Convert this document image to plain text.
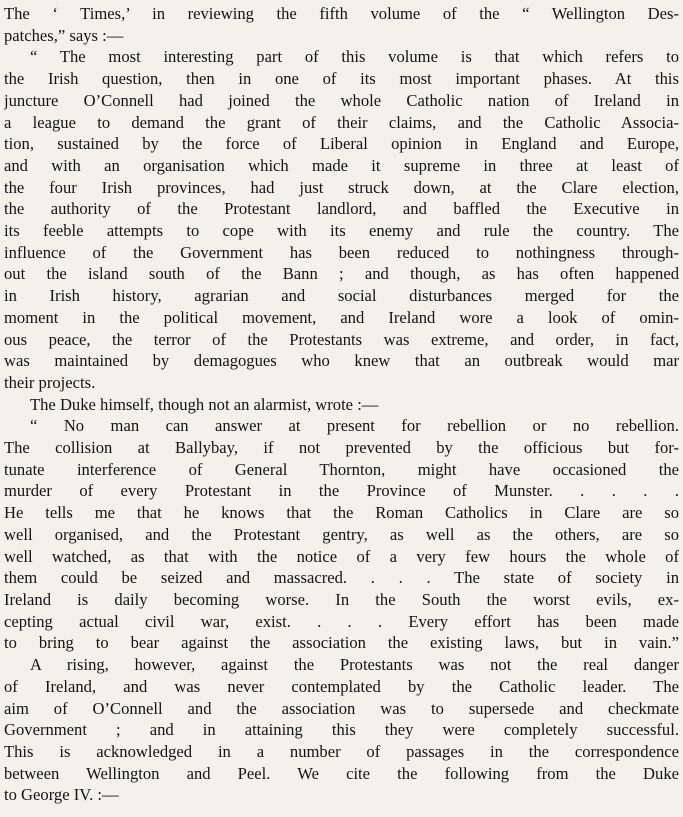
The ‘ Times,’ in reviewing the fifth volume of the “ Wellington Des-
patches,” says :—

“ The most interesting part of this volume is that which refers to
the Irish question, then in one of its most important phases. At this
juncture O’Connell had joined the whole Catholic nation of Ireland in
a league to demand the grant of their claims, and the Catholic Associa-
tion, sustained by the force of Liberal opinion in England and Europe,
and with an organisation which made it supreme in three at least of
the four Irish provinces, had just struck down, at the Clare election,
the authority of the Protestant landlord, and baffled the Executive in
its feeble attempts to cope with its enemy and rule the country. The
influence of the Government has been reduced to nothingness through-
out the island south of the Bann ; and though, as has often happened
in Irish history, agrarian and social disturbances merged for the
moment in the political movement, and Ireland wore a look of omin-
ous peace, the terror of the Protestants was extreme, and order, in fact,
was maintained by demagogues who knew that an outbreak would mar
their projects.

The Duke himself, though not an alarmist, wrote :—

“ No man can answer at present for rebellion or no rebellion.
The collision at Ballybay, if not prevented by the officious but for-
tunate interference of General Thornton, might have occasioned the
murder of every Protestant in the Province of Munster. . . . .
He tells me that he knows that the Roman Catholics in Clare are so
well organised, and the Protestant gentry, as well as the others, are so
well watched, as that with the notice of a very few hours the whole of
them could be seized and massacred. . . . The state of society in
Ireland is daily becoming worse. In the South the worst evils, ex-
cepting actual civil war, exist. . . . Every effort has been made
to bring to bear against the association the existing laws, but in vain.”

A rising, however, against the Protestants was not the real danger
of Ireland, and was never contemplated by the Catholic leader. The
aim of O’Connell and the association was to supersede and checkmate
Government ; and in attaining this they were completely successful.
This is acknowledged in a number of passages in the correspondence
between Wellington and Peel. We cite the following from the Duke
to George IV. :—
